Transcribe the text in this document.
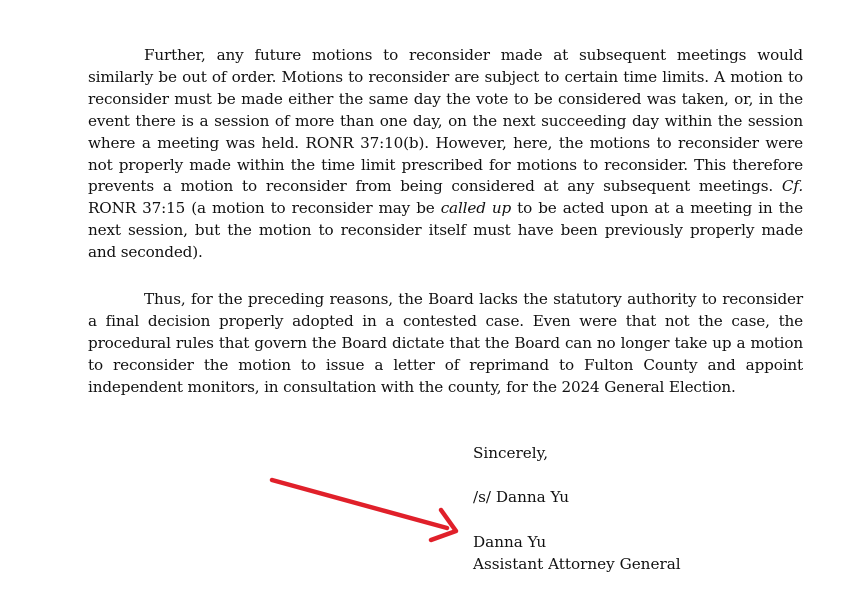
Further, any future motions to reconsider made at subsequent meetings would similarly be out of order. Motions to reconsider are subject to certain time limits. A motion to reconsider must be made either the same day the vote to be considered was taken, or, in the event there is a session of more than one day, on the next succeeding day within the session where a meeting was held. RONR 37:10(b). However, here, the motions to reconsider were not properly made within the time limit prescribed for motions to reconsider. This therefore prevents a motion to reconsider from being considered at any subsequent meetings. Cf. RONR 37:15 (a motion to reconsider may be called up to be acted upon at a meeting in the next session, but the motion to reconsider itself must have been previously properly made and seconded).

Thus, for the preceding reasons, the Board lacks the statutory authority to reconsider a final decision properly adopted in a contested case. Even were that not the case, the procedural rules that govern the Board dictate that the Board can no longer take up a motion to reconsider the motion to issue a letter of reprimand to Fulton County and appoint independent monitors, in consultation with the county, for the 2024 General Election.

Sincerely,

/s/ Danna Yu

Danna Yu

Assistant Attorney General
